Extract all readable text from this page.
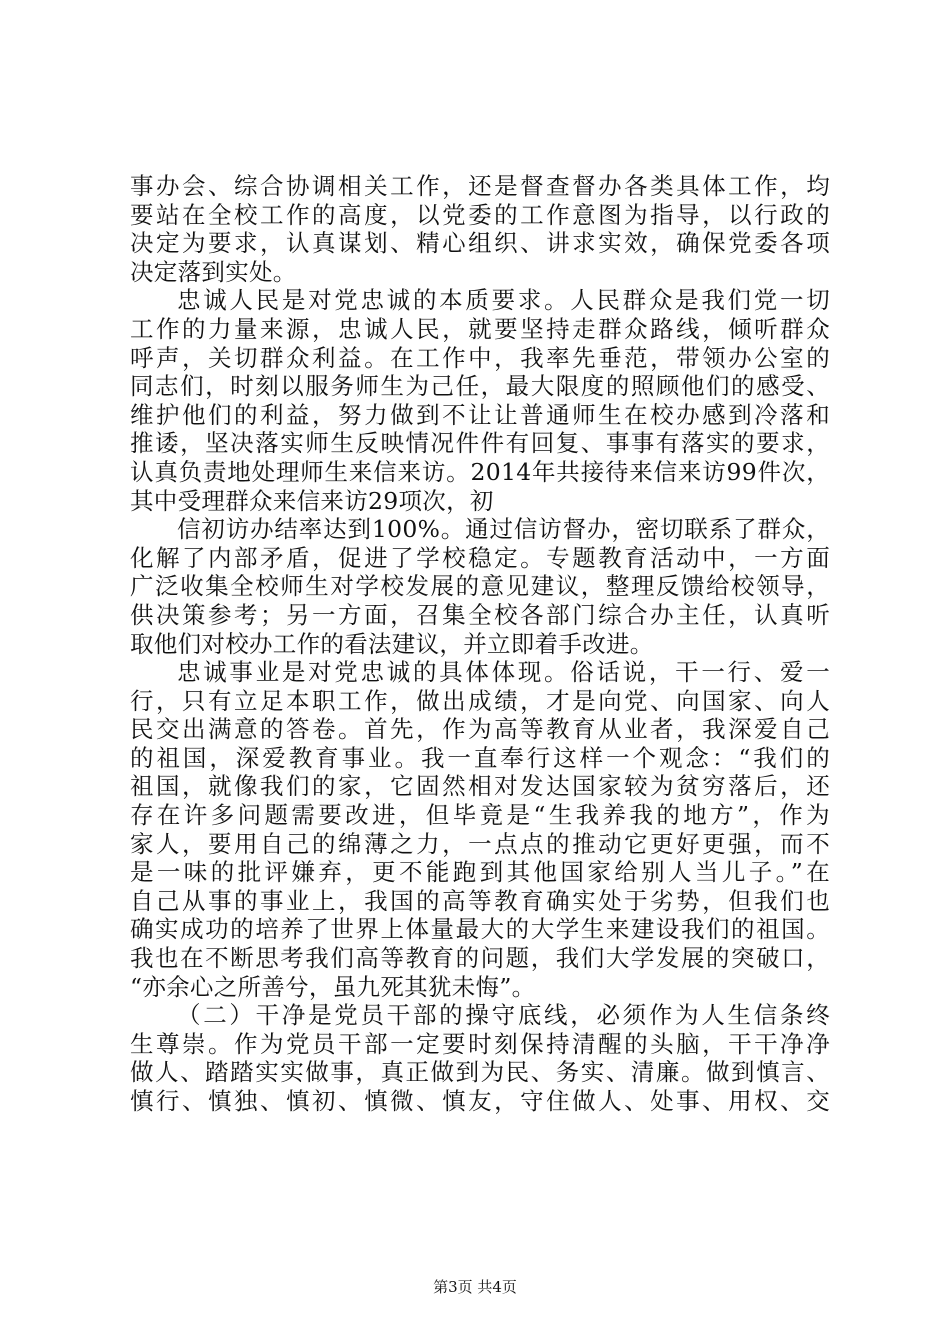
事办会、综合协调相关工作，还是督查督办各类具体工作，均
要站在全校工作的高度，以党委的工作意图为指导，以行政的
决定为要求，认真谋划、精心组织、讲求实效，确保党委各项
决定落到实处。
忠诚人民是对党忠诚的本质要求。人民群众是我们党一切
工作的力量来源，忠诚人民，就要坚持走群众路线，倾听群众
呼声，关切群众利益。在工作中，我率先垂范，带领办公室的
同志们，时刻以服务师生为己任，最大限度的照顾他们的感受、
维护他们的利益，努力做到不让让普通师生在校办感到冷落和
推诿，坚决落实师生反映情况件件有回复、事事有落实的要求，
认真负责地处理师生来信来访。2014年共接待来信来访99件次，
其中受理群众来信来访29项次，初
信初访办结率达到100%。通过信访督办，密切联系了群众，
化解了内部矛盾，促进了学校稳定。专题教育活动中，一方面
广泛收集全校师生对学校发展的意见建议，整理反馈给校领导，
供决策参考；另一方面，召集全校各部门综合办主任，认真听
取他们对校办工作的看法建议，并立即着手改进。
忠诚事业是对党忠诚的具体体现。俗话说，干一行、爱一
行，只有立足本职工作，做出成绩，才是向党、向国家、向人
民交出满意的答卷。首先，作为高等教育从业者，我深爱自己
的祖国，深爱教育事业。我一直奉行这样一个观念：“我们的
祖国，就像我们的家，它固然相对发达国家较为贫穷落后，还
存在许多问题需要改进，但毕竟是“生我养我的地方”，作为
家人，要用自己的绵薄之力，一点点的推动它更好更强，而不
是一味的批评嫌弃，更不能跑到其他国家给别人当儿子。”在
自己从事的事业上，我国的高等教育确实处于劣势，但我们也
确实成功的培养了世界上体量最大的大学生来建设我们的祖国。
我也在不断思考我们高等教育的问题，我们大学发展的突破口，
“亦余心之所善兮，虽九死其犹未悔”。
（二）干净是党员干部的操守底线，必须作为人生信条终
生尊崇。作为党员干部一定要时刻保持清醒的头脑，干干净净
做人、踏踏实实做事，真正做到为民、务实、清廉。做到慎言、
慎行、慎独、慎初、慎微、慎友，守住做人、处事、用权、交
第3页 共4页
